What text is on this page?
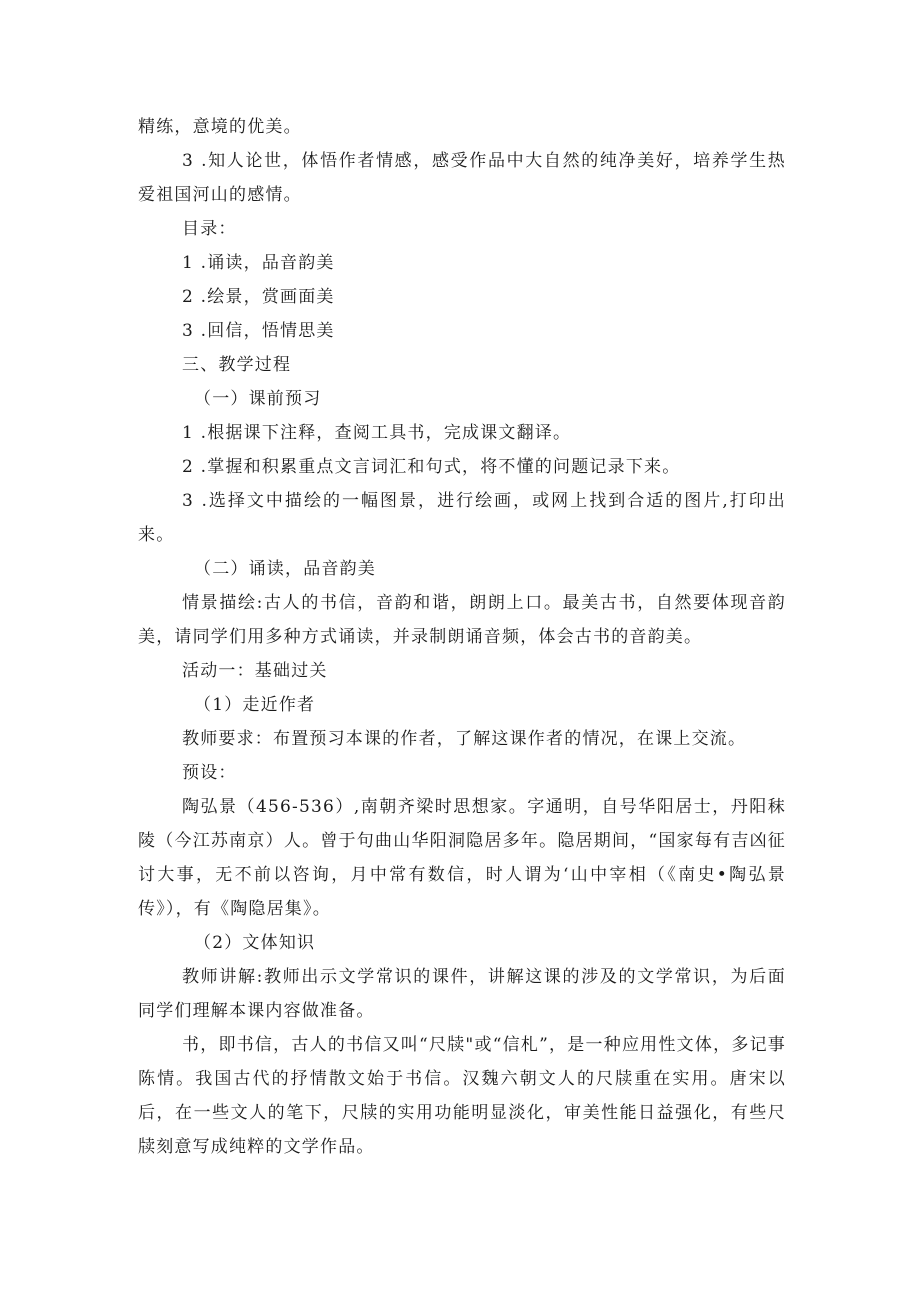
精练，意境的优美。

3 .知人论世，体悟作者情感，感受作品中大自然的纯净美好，培养学生热爱祖国河山的感情。

目录：

1 .诵读，品音韵美

2 .绘景，赏画面美

3 .回信，悟情思美

三、教学过程

（一）课前预习

1 .根据课下注释，查阅工具书，完成课文翻译。

2 .掌握和积累重点文言词汇和句式，将不懂的问题记录下来。

3 .选择文中描绘的一幅图景，进行绘画，或网上找到合适的图片,打印出来。

（二）诵读，品音韵美

情景描绘:古人的书信，音韵和谐，朗朗上口。最美古书，自然要体现音韵美，请同学们用多种方式诵读，并录制朗诵音频，体会古书的音韵美。

活动一：基础过关

（1）走近作者

教师要求：布置预习本课的作者，了解这课作者的情况，在课上交流。

预设：

陶弘景（456-536）,南朝齐梁时思想家。字通明，自号华阳居士，丹阳秣陵（今江苏南京）人。曾于句曲山华阳洞隐居多年。隐居期间，“国家每有吉凶征讨大事，无不前以咨询，月中常有数信，时人谓为‘山中宰相（《南史•陶弘景传》），有《陶隐居集》。

（2）文体知识

教师讲解:教师出示文学常识的课件，讲解这课的涉及的文学常识，为后面同学们理解本课内容做准备。

书，即书信，古人的书信又叫“尺牍"或“信札”，是一种应用性文体，多记事陈情。我国古代的抒情散文始于书信。汉魏六朝文人的尺牍重在实用。唐宋以后，在一些文人的笔下，尺牍的实用功能明显淡化，审美性能日益强化，有些尺牍刻意写成纯粹的文学作品。
